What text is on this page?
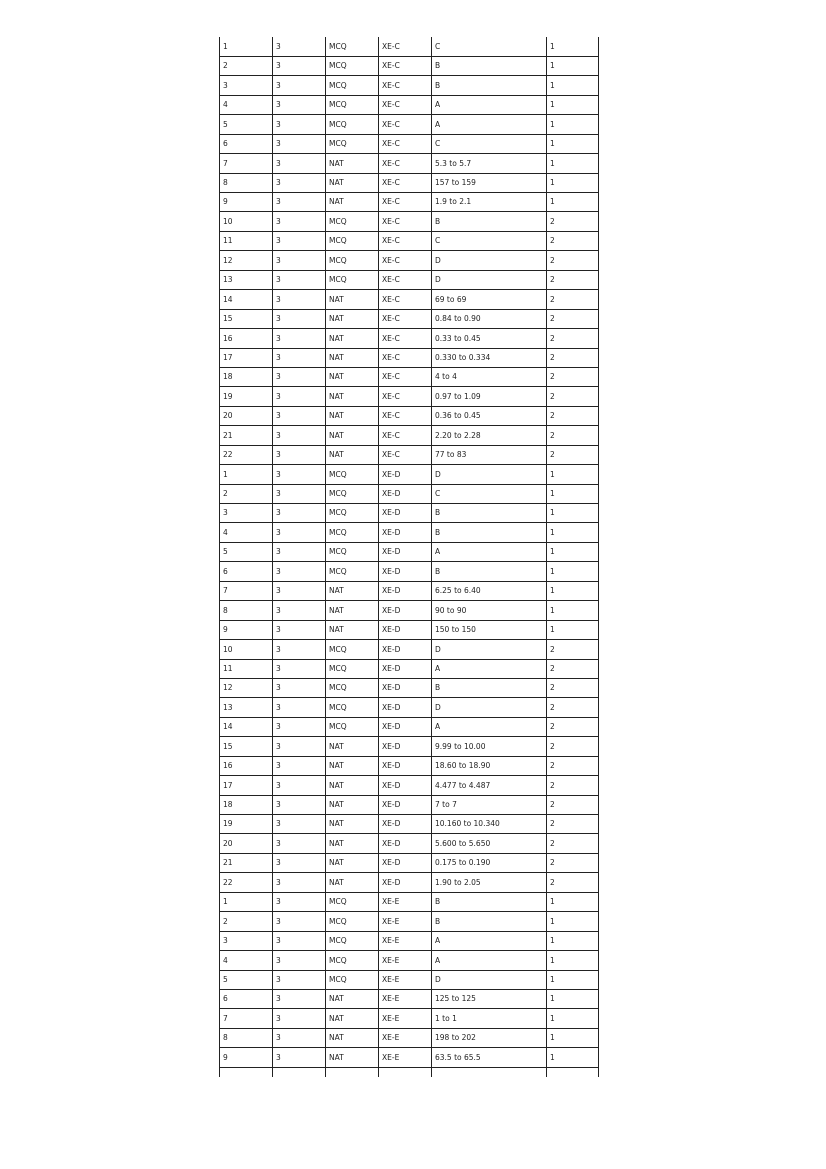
1	3	MCQ	XE-C	C	1
2	3	MCQ	XE-C	B	1
3	3	MCQ	XE-C	B	1
4	3	MCQ	XE-C	A	1
5	3	MCQ	XE-C	A	1
6	3	MCQ	XE-C	C	1
7	3	NAT	XE-C	5.3 to 5.7	1
8	3	NAT	XE-C	157 to 159	1
9	3	NAT	XE-C	1.9 to 2.1	1
10	3	MCQ	XE-C	B	2
11	3	MCQ	XE-C	C	2
12	3	MCQ	XE-C	D	2
13	3	MCQ	XE-C	D	2
14	3	NAT	XE-C	69 to 69	2
15	3	NAT	XE-C	0.84 to 0.90	2
16	3	NAT	XE-C	0.33 to 0.45	2
17	3	NAT	XE-C	0.330 to 0.334	2
18	3	NAT	XE-C	4 to 4	2
19	3	NAT	XE-C	0.97 to 1.09	2
20	3	NAT	XE-C	0.36 to 0.45	2
21	3	NAT	XE-C	2.20 to 2.28	2
22	3	NAT	XE-C	77 to 83	2
1	3	MCQ	XE-D	D	1
2	3	MCQ	XE-D	C	1
3	3	MCQ	XE-D	B	1
4	3	MCQ	XE-D	B	1
5	3	MCQ	XE-D	A	1
6	3	MCQ	XE-D	B	1
7	3	NAT	XE-D	6.25 to 6.40	1
8	3	NAT	XE-D	90 to 90	1
9	3	NAT	XE-D	150 to 150	1
10	3	MCQ	XE-D	D	2
11	3	MCQ	XE-D	A	2
12	3	MCQ	XE-D	B	2
13	3	MCQ	XE-D	D	2
14	3	MCQ	XE-D	A	2
15	3	NAT	XE-D	9.99 to 10.00	2
16	3	NAT	XE-D	18.60 to 18.90	2
17	3	NAT	XE-D	4.477 to 4.487	2
18	3	NAT	XE-D	7 to 7	2
19	3	NAT	XE-D	10.160 to 10.340	2
20	3	NAT	XE-D	5.600 to 5.650	2
21	3	NAT	XE-D	0.175 to 0.190	2
22	3	NAT	XE-D	1.90 to 2.05	2
1	3	MCQ	XE-E	B	1
2	3	MCQ	XE-E	B	1
3	3	MCQ	XE-E	A	1
4	3	MCQ	XE-E	A	1
5	3	MCQ	XE-E	D	1
6	3	NAT	XE-E	125 to 125	1
7	3	NAT	XE-E	1 to 1	1
8	3	NAT	XE-E	198 to 202	1
9	3	NAT	XE-E	63.5 to 65.5	1
